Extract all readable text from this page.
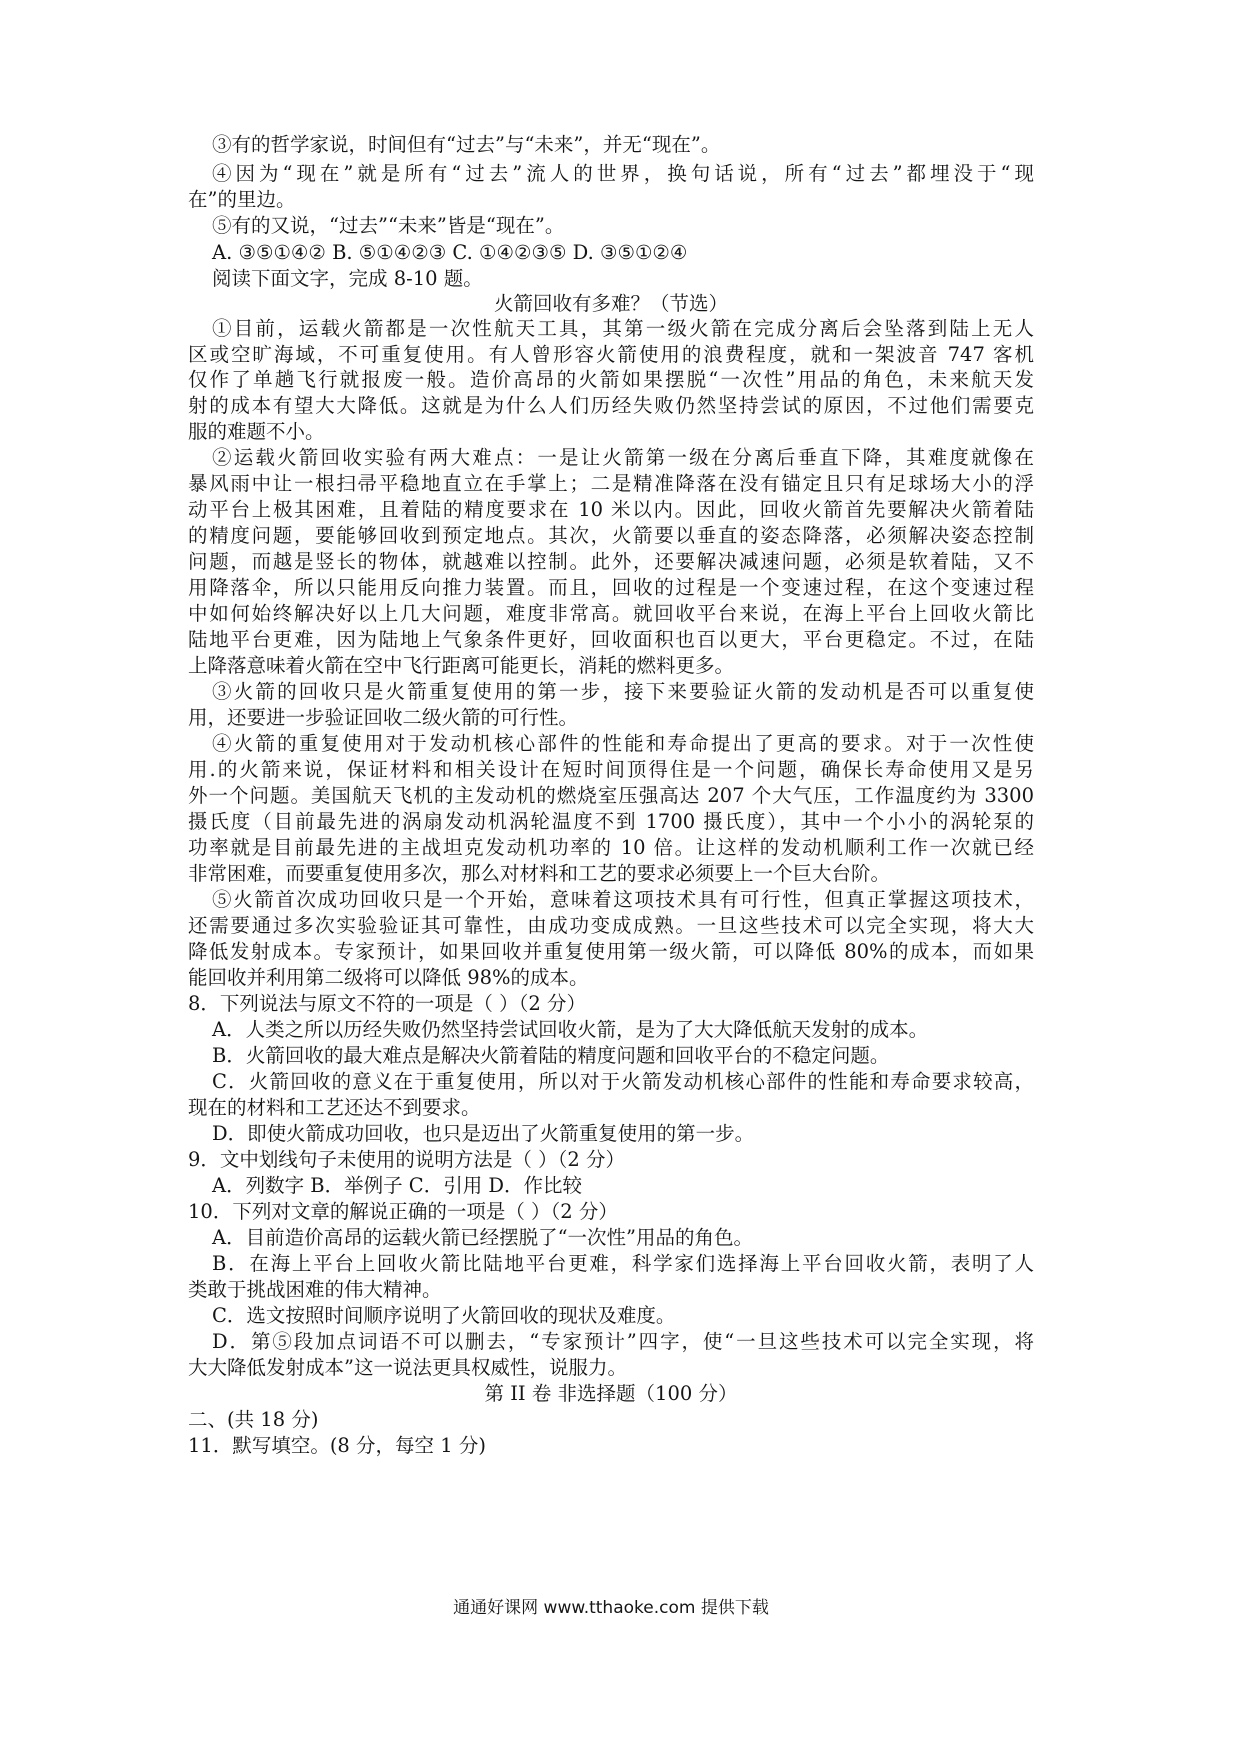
③有的哲学家说，时间但有“过去”与“未来”，并无“现在”。
④因为“现在”就是所有“过去”流人的世界，换句话说，所有“过去”都埋没于“现
在”的里边。
⑤有的又说，“过去”“未来”皆是“现在”。
A. ③⑤①④② B. ⑤①④②③ C. ①④②③⑤ D. ③⑤①②④
阅读下面文字，完成 8-10 题。
火箭回收有多难？（节选）
①目前，运载火箭都是一次性航天工具，其第一级火箭在完成分离后会坠落到陆上无人
区或空旷海域，不可重复使用。有人曾形容火箭使用的浪费程度，就和一架波音 747 客机
仅作了单趟飞行就报废一般。造价高昂的火箭如果摆脱“一次性”用品的角色，未来航天发
射的成本有望大大降低。这就是为什么人们历经失败仍然坚持尝试的原因，不过他们需要克
服的难题不小。
②运载火箭回收实验有两大难点：一是让火箭第一级在分离后垂直下降，其难度就像在
暴风雨中让一根扫帚平稳地直立在手掌上；二是精准降落在没有锚定且只有足球场大小的浮
动平台上极其困难，且着陆的精度要求在 10 米以内。因此，回收火箭首先要解决火箭着陆
的精度问题，要能够回收到预定地点。其次，火箭要以垂直的姿态降落，必须解决姿态控制
问题，而越是竖长的物体，就越难以控制。此外，还要解决减速问题，必须是软着陆，又不
用降落伞，所以只能用反向推力装置。而且，回收的过程是一个变速过程，在这个变速过程
中如何始终解决好以上几大问题，难度非常高。就回收平台来说，在海上平台上回收火箭比
陆地平台更难，因为陆地上气象条件更好，回收面积也百以更大，平台更稳定。不过，在陆
上降落意味着火箭在空中飞行距离可能更长，消耗的燃料更多。
③火箭的回收只是火箭重复使用的第一步，接下来要验证火箭的发动机是否可以重复使
用，还要进一步验证回收二级火箭的可行性。
④火箭的重复使用对于发动机核心部件的性能和寿命提出了更高的要求。对于一次性使
用.的火箭来说，保证材料和相关设计在短时间顶得住是一个问题，确保长寿命使用又是另
外一个问题。美国航天飞机的主发动机的燃烧室压强高达 207 个大气压，工作温度约为 3300
摄氏度（目前最先进的涡扇发动机涡轮温度不到 1700 摄氏度），其中一个小小的涡轮泵的
功率就是目前最先进的主战坦克发动机功率的 10 倍。让这样的发动机顺利工作一次就已经
非常困难，而要重复使用多次，那么对材料和工艺的要求必须要上一个巨大台阶。
⑤火箭首次成功回收只是一个开始，意味着这项技术具有可行性，但真正掌握这项技术，
还需要通过多次实验验证其可靠性，由成功变成成熟。一旦这些技术可以完全实现，将大大
降低发射成本。专家预计，如果回收并重复使用第一级火箭，可以降低 80%的成本，而如果
能回收并利用第二级将可以降低 98%的成本。
8．下列说法与原文不符的一项是（ ）（2 分）
A．人类之所以历经失败仍然坚持尝试回收火箭，是为了大大降低航天发射的成本。
B．火箭回收的最大难点是解决火箭着陆的精度问题和回收平台的不稳定问题。
C．火箭回收的意义在于重复使用，所以对于火箭发动机核心部件的性能和寿命要求较高，
现在的材料和工艺还达不到要求。
D．即使火箭成功回收，也只是迈出了火箭重复使用的第一步。
9．文中划线句子未使用的说明方法是（ ）（2 分）
A．列数字 B．举例子 C．引用 D．作比较
10．下列对文章的解说正确的一项是（ ）（2 分）
A．目前造价高昂的运载火箭已经摆脱了“一次性”用品的角色。
B．在海上平台上回收火箭比陆地平台更难，科学家们选择海上平台回收火箭，表明了人
类敢于挑战困难的伟大精神。
C．选文按照时间顺序说明了火箭回收的现状及难度。
D．第⑤段加点词语不可以删去，“专家预计”四字，使“一旦这些技术可以完全实现，将
大大降低发射成本”这一说法更具权威性，说服力。
第 II 卷 非选择题（100 分）
二、(共 18 分)
11．默写填空。(8 分，每空 1 分)
通通好课网 www.tthaoke.com 提供下载
